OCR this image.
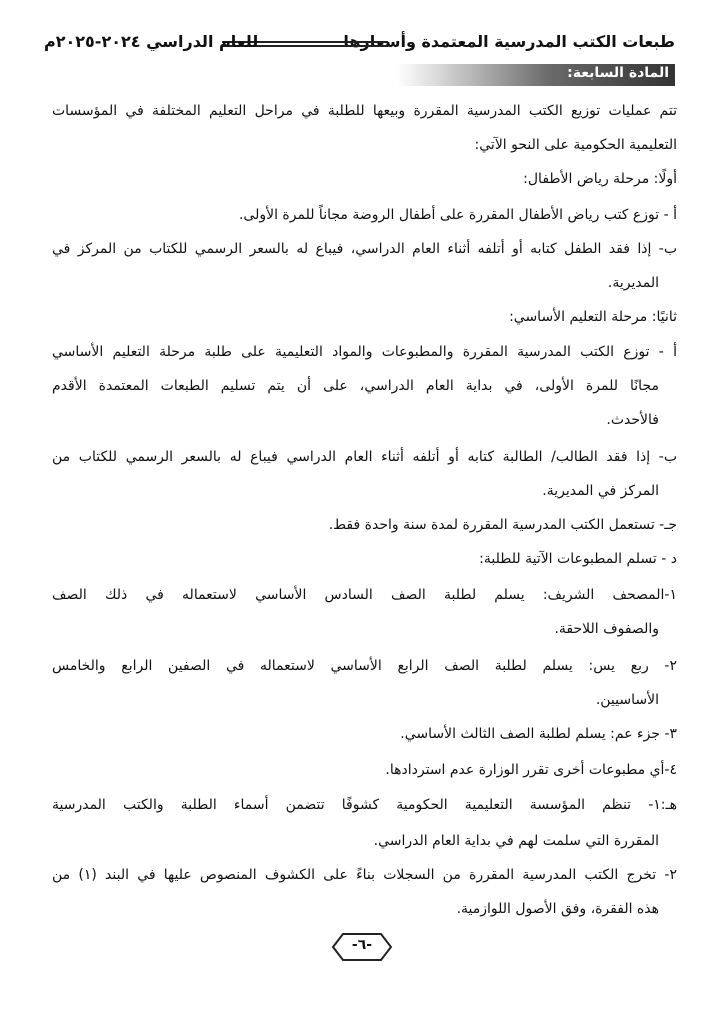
طبعات الكتب المدرسية المعتمدة وأسعارها
للعام الدراسي ٢٠٢٤-٢٠٢٥م
المادة السابعة:
تتم عمليات توزيع الكتب المدرسية المقررة وبيعها للطلبة في مراحل التعليم المختلفة في المؤسسات
التعليمية الحكومية على النحو الآتي:
أولًا: مرحلة رياض الأطفال:
أ - توزع كتب رياض الأطفال المقررة على أطفال الروضة مجاناً للمرة الأولى.
ب- إذا فقد الطفل كتابه أو أتلفه أثناء العام الدراسي، فيباع له بالسعر الرسمي للكتاب من المركز في
المديرية.
ثانيًا: مرحلة التعليم الأساسي:
أ - توزع الكتب المدرسية المقررة والمطبوعات والمواد التعليمية على طلبة مرحلة التعليم الأساسي
مجانًا للمرة الأولى، في بداية العام الدراسي، على أن يتم تسليم الطبعات المعتمدة الأقدم
فالأحدث.
ب- إذا فقد الطالب/ الطالبة كتابه أو أتلفه أثناء العام الدراسي فيباع له بالسعر الرسمي للكتاب من
المركز في المديرية.
جـ- تستعمل الكتب المدرسية المقررة لمدة سنة واحدة فقط.
د - تسلم المطبوعات الآتية للطلبة:
١-المصحف الشريف: يسلم لطلبة الصف السادس الأساسي لاستعماله في ذلك الصف
والصفوف اللاحقة.
٢- ربع يس: يسلم لطلبة الصف الرابع الأساسي لاستعماله في الصفين الرابع والخامس
الأساسيين.
٣- جزء عم: يسلم لطلبة الصف الثالث الأساسي.
٤-أي مطبوعات أخرى تقرر الوزارة عدم استردادها.
هـ:١- تنظم المؤسسة التعليمية الحكومية كشوفًا تتضمن أسماء الطلبة والكتب المدرسية
المقررة التي سلمت لهم في بداية العام الدراسي.
٢- تخرج الكتب المدرسية المقررة من السجلات بناءً على الكشوف المنصوص عليها في البند (١) من
هذه الفقرة، وفق الأصول اللوازمية.
-٦-
